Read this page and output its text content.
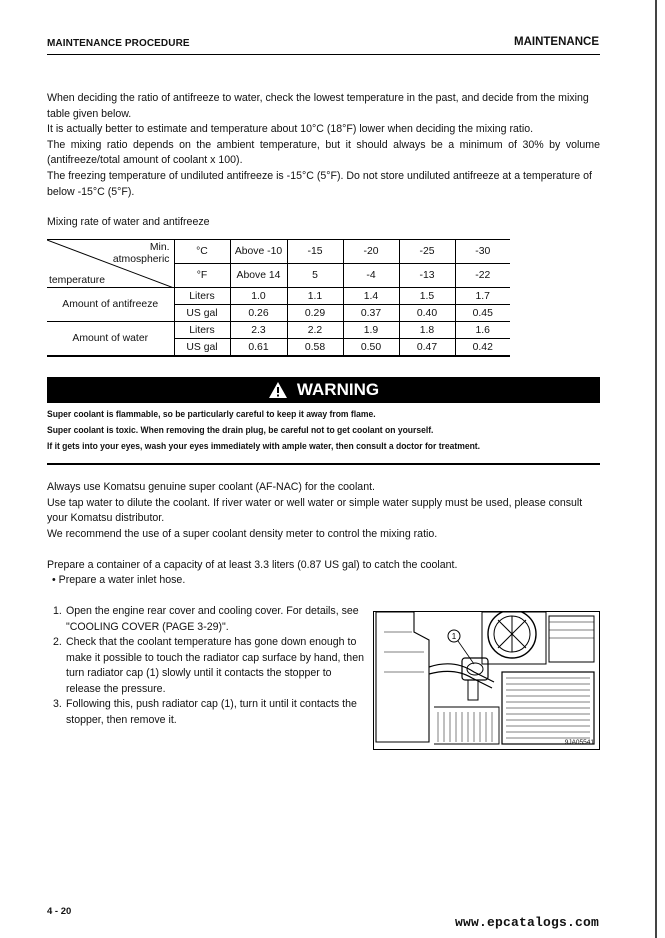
MAINTENANCE PROCEDURE	MAINTENANCE

When deciding the ratio of antifreeze to water, check the lowest temperature in the past, and decide from the mixing table given below.

It is actually better to estimate and temperature about 10°C (18°F) lower when deciding the mixing ratio.

The mixing ratio depends on the ambient temperature, but it should always be a minimum of 30% by volume (antifreeze/total amount of coolant x 100).

The freezing temperature of undiluted antifreeze is -15°C (5°F). Do not store undiluted antifreeze at a temperature of below -15°C (5°F).

Mixing rate of water and antifreeze
Min.
atmospheric
temperature	°C	Above -10	-15	-20	-25	-30
	°F	Above 14	5	-4	-13	-22
Amount of antifreeze	Liters	1.0	1.1	1.4	1.5	1.7
	US gal	0.26	0.29	0.37	0.40	0.45
Amount of water	Liters	2.3	2.2	1.9	1.8	1.6
	US gal	0.61	0.58	0.50	0.47	0.42
WARNING

Super coolant is flammable, so be particularly careful to keep it away from flame.

Super coolant is toxic. When removing the drain plug, be careful not to get coolant on yourself.

If it gets into your eyes, wash your eyes immediately with ample water, then consult a doctor for treatment.

Always use Komatsu genuine super coolant (AF-NAC) for the coolant.

Use tap water to dilute the coolant. If river water or well water or simple water supply must be used, please consult your Komatsu distributor.

We recommend the use of a super coolant density meter to control the mixing ratio.

Prepare a container of a capacity of at least 3.3 liters (0.87 US gal) to catch the coolant.
• Prepare a water inlet hose.
1. Open the engine rear cover and cooling cover. For details, see "COOLING COVER (PAGE 3-29)".
2. Check that the coolant temperature has gone down enough to make it possible to touch the radiator cap surface by hand, then turn radiator cap (1) slowly until it contacts the stopper to release the pressure.
3. Following this, push radiator cap (1), turn it until it contacts the stopper, then remove it.
1
9JA05541
4 - 20
www.epcatalogs.com
